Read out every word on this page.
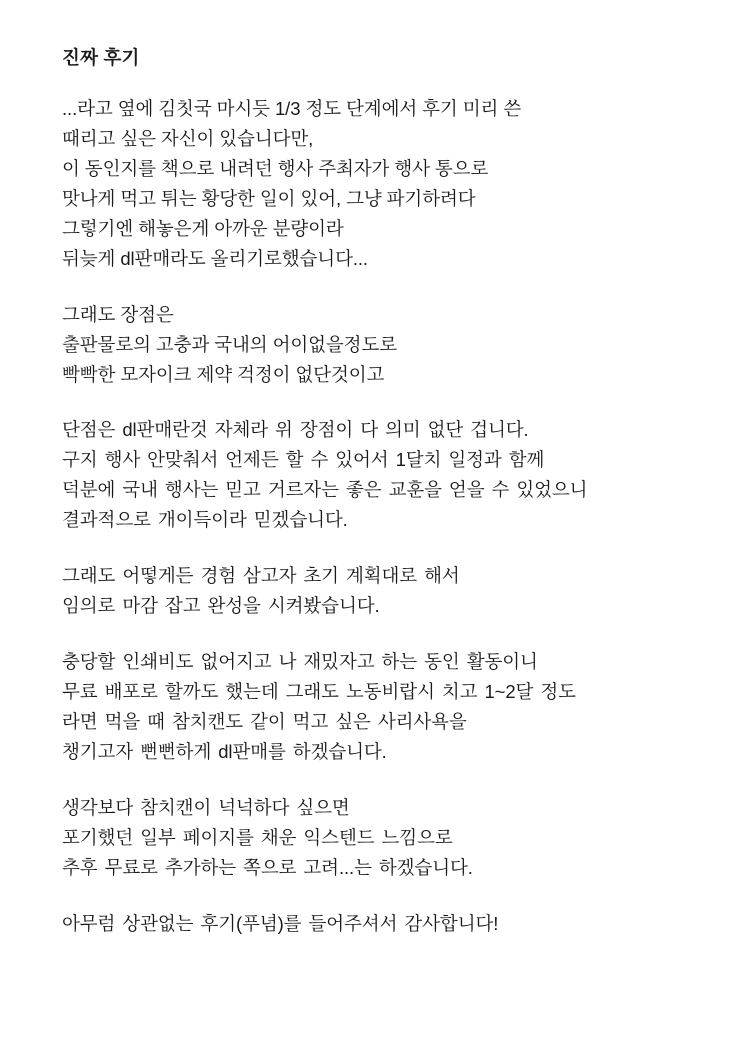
진짜 후기

...라고 옆에 김칫국 마시듯 1/3 정도 단계에서 후기 미리 쓴
때리고 싶은 자신이 있습니다만,
이 동인지를 책으로 내려던 행사 주최자가 행사 통으로
맛나게 먹고 튀는 황당한 일이 있어, 그냥 파기하려다
그렇기엔 해놓은게 아까운 분량이라
뒤늦게 dl판매라도 올리기로했습니다...

그래도 장점은
출판물로의 고충과 국내의 어이없을정도로
빡빡한 모자이크 제약 걱정이 없단것이고

단점은 dl판매란것 자체라 위 장점이 다 의미 없단 겁니다.
구지 행사 안맞춰서 언제든 할 수 있어서 1달치 일정과 함께
덕분에 국내 행사는 믿고 거르자는 좋은 교훈을 얻을 수 있었으니
결과적으로 개이득이라 믿겠습니다.

그래도 어떻게든 경험 삼고자 초기 계획대로 해서
임의로 마감 잡고 완성을 시켜봤습니다.

충당할 인쇄비도 없어지고 나 재밌자고 하는 동인 활동이니
무료 배포로 할까도 했는데 그래도 노동비랍시 치고 1~2달 정도
라면 먹을 때 참치캔도 같이 먹고 싶은 사리사욕을
챙기고자 뻔뻔하게 dl판매를 하겠습니다.

생각보다 참치캔이 넉넉하다 싶으면
포기했던 일부 페이지를 채운 익스텐드 느낌으로
추후 무료로 추가하는 쪽으로 고려...는 하겠습니다.

아무럼 상관없는 후기(푸념)를 들어주셔서 감사합니다!
